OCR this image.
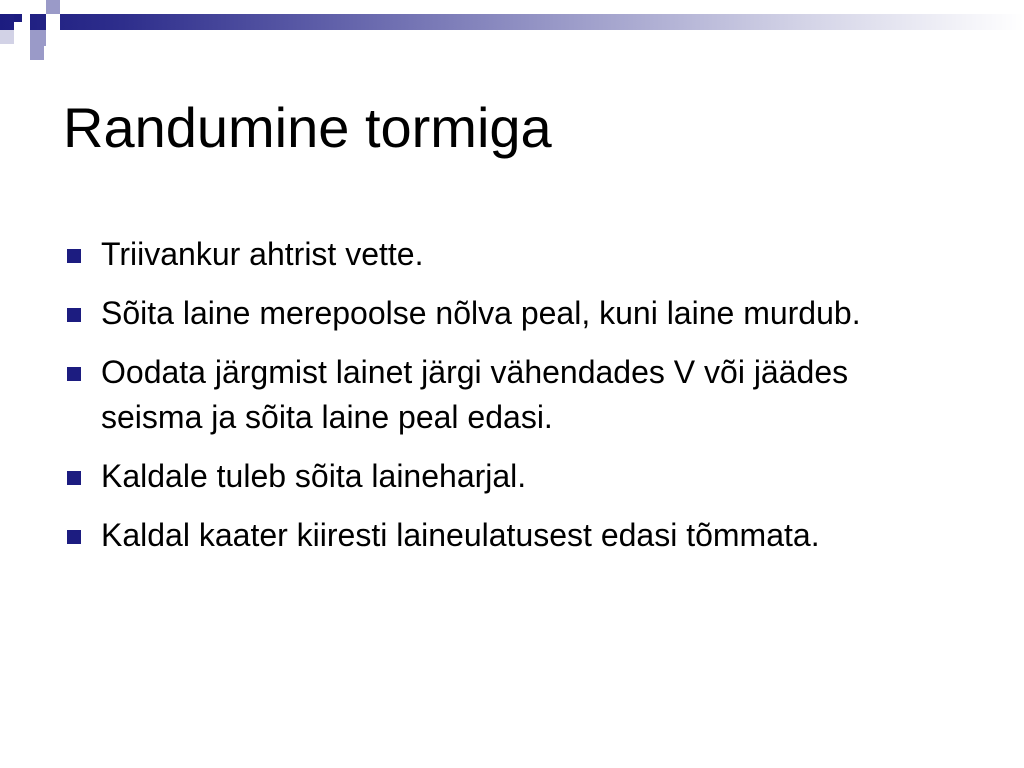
Randumine tormiga
Triivankur ahtrist vette.
Sõita laine merepoolse nõlva peal, kuni laine murdub.
Oodata järgmist lainet järgi vähendades V või jäädes seisma ja sõita laine peal edasi.
Kaldale tuleb sõita laineharjal.
Kaldal kaater kiiresti laineulatusest edasi tõmmata.
